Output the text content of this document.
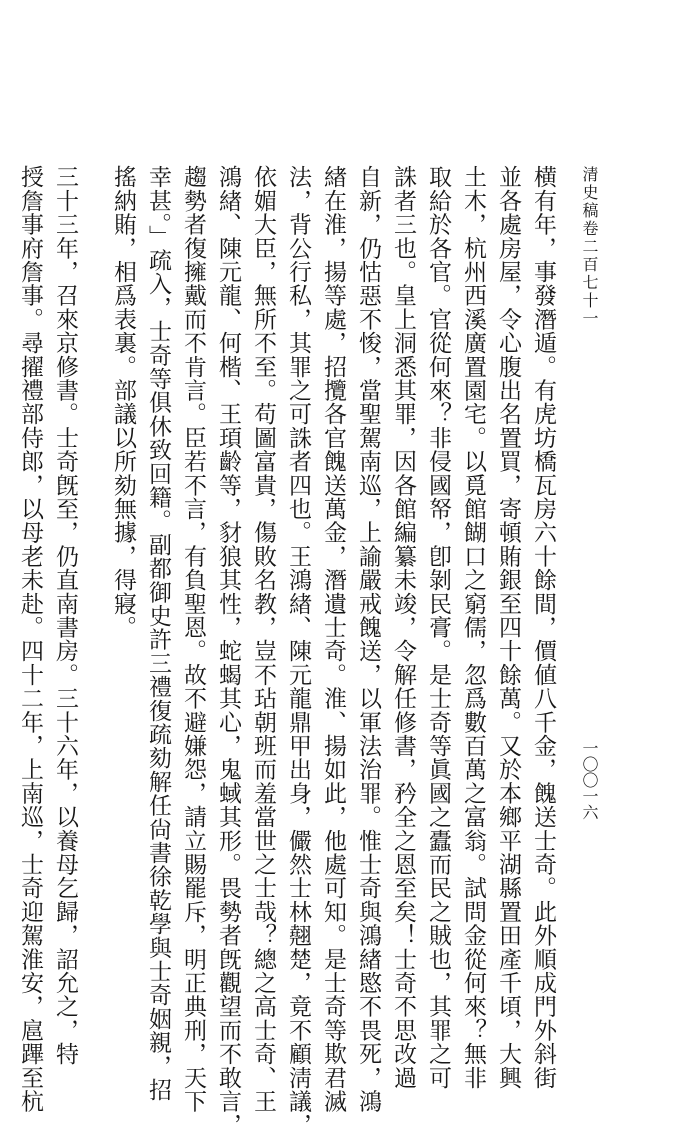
清史稿卷二百七十一
一〇〇一六
横有年，事發潛遁。有虎坊橋瓦房六十餘間，價値八千金，餽送士奇。此外順成門外斜街
並各處房屋，令心腹出名置買，寄頓賄銀至四十餘萬。又於本鄉平湖縣置田產千頃，大興
土木，杭州西溪廣置園宅。以覓館餬口之窮儒，忽爲數百萬之富翁。試問金從何來？無非
取給於各官。官從何來？非侵國帑，卽剝民膏。是士奇等眞國之蠹而民之賊也，其罪之可
誅者三也。皇上洞悉其罪，因各館編纂未竣，令解任修書，矜全之恩至矣！士奇不思改過
自新，仍怙惡不悛，當聖駕南巡，上諭嚴戒餽送，以軍法治罪。惟士奇與鴻緖愍不畏死，鴻
緖在淮，揚等處，招攬各官餽送萬金，潛遺士奇。淮、揚如此，他處可知。是士奇等欺君滅
法，背公行私，其罪之可誅者四也。王鴻緖、陳元龍鼎甲出身，儼然士林翹楚，竟不顧淸議，
依媚大臣，無所不至。苟圖富貴，傷敗名教，豈不玷朝班而羞當世之士哉？總之高士奇、王
鴻緖、陳元龍、何楷、王頊齡等，豺狼其性，蛇蝎其心，鬼蜮其形。畏勢者旣觀望而不敢言，
趨勢者復擁戴而不肯言。臣若不言，有負聖恩。故不避嫌怨，請立賜罷斥，明正典刑，天下
幸甚。」疏入，士奇等俱休致回籍。副都御史許三禮復疏劾解任尙書徐乾學與士奇姻親，招
搖納賄，相爲表裏。部議以所劾無據，得寢。
三十三年，召來京修書。士奇旣至，仍直南書房。三十六年，以養母乞歸，詔允之，特
授詹事府詹事。尋擢禮部侍郎，以母老未赴。四十二年，上南巡，士奇迎駕淮安，扈蹕至杭
